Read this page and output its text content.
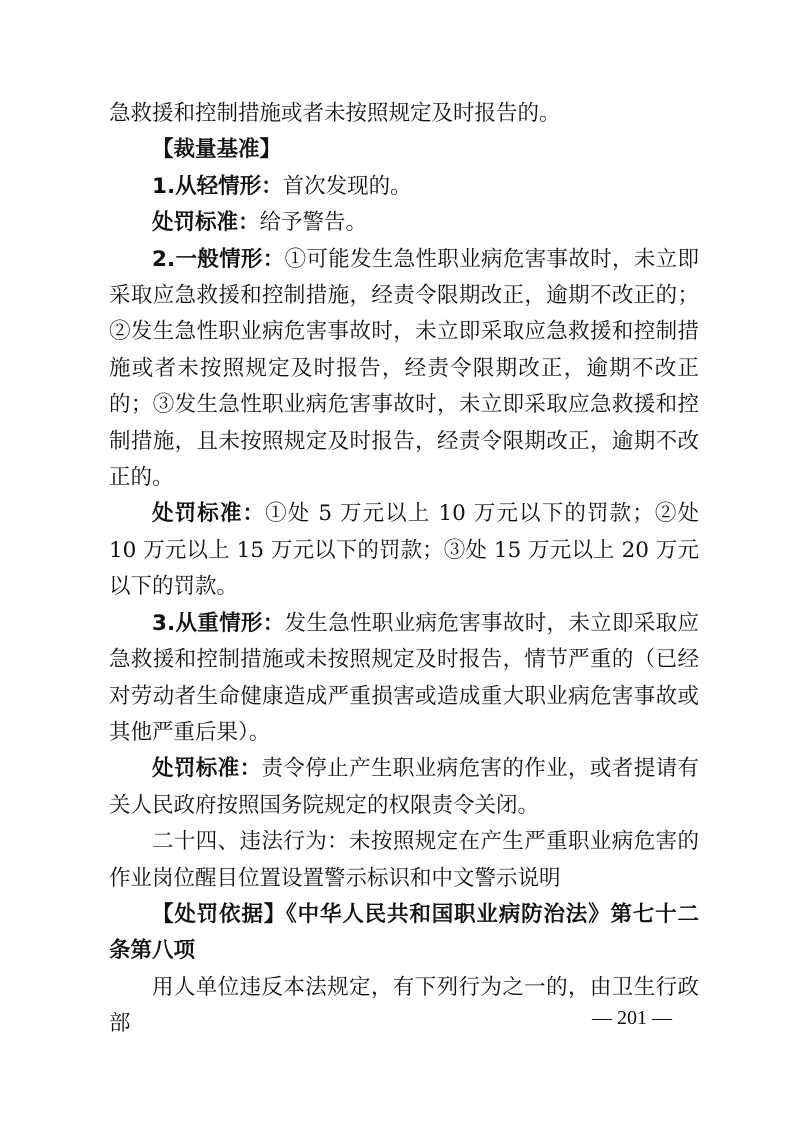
急救援和控制措施或者未按照规定及时报告的。

【裁量基准】

1.从轻情形：首次发现的。

处罚标准：给予警告。

2.一般情形：①可能发生急性职业病危害事故时，未立即采取应急救援和控制措施，经责令限期改正，逾期不改正的；②发生急性职业病危害事故时，未立即采取应急救援和控制措施或者未按照规定及时报告，经责令限期改正，逾期不改正的；③发生急性职业病危害事故时，未立即采取应急救援和控制措施，且未按照规定及时报告，经责令限期改正，逾期不改正的。

处罚标准：①处 5 万元以上 10 万元以下的罚款；②处 10 万元以上 15 万元以下的罚款；③处 15 万元以上 20 万元以下的罚款。

3.从重情形：发生急性职业病危害事故时，未立即采取应急救援和控制措施或未按照规定及时报告，情节严重的（已经对劳动者生命健康造成严重损害或造成重大职业病危害事故或其他严重后果）。

处罚标准：责令停止产生职业病危害的作业，或者提请有关人民政府按照国务院规定的权限责令关闭。

二十四、违法行为：未按照规定在产生严重职业病危害的作业岗位醒目位置设置警示标识和中文警示说明

【处罚依据】《中华人民共和国职业病防治法》第七十二条第八项

用人单位违反本法规定，有下列行为之一的，由卫生行政部	— 201 —
